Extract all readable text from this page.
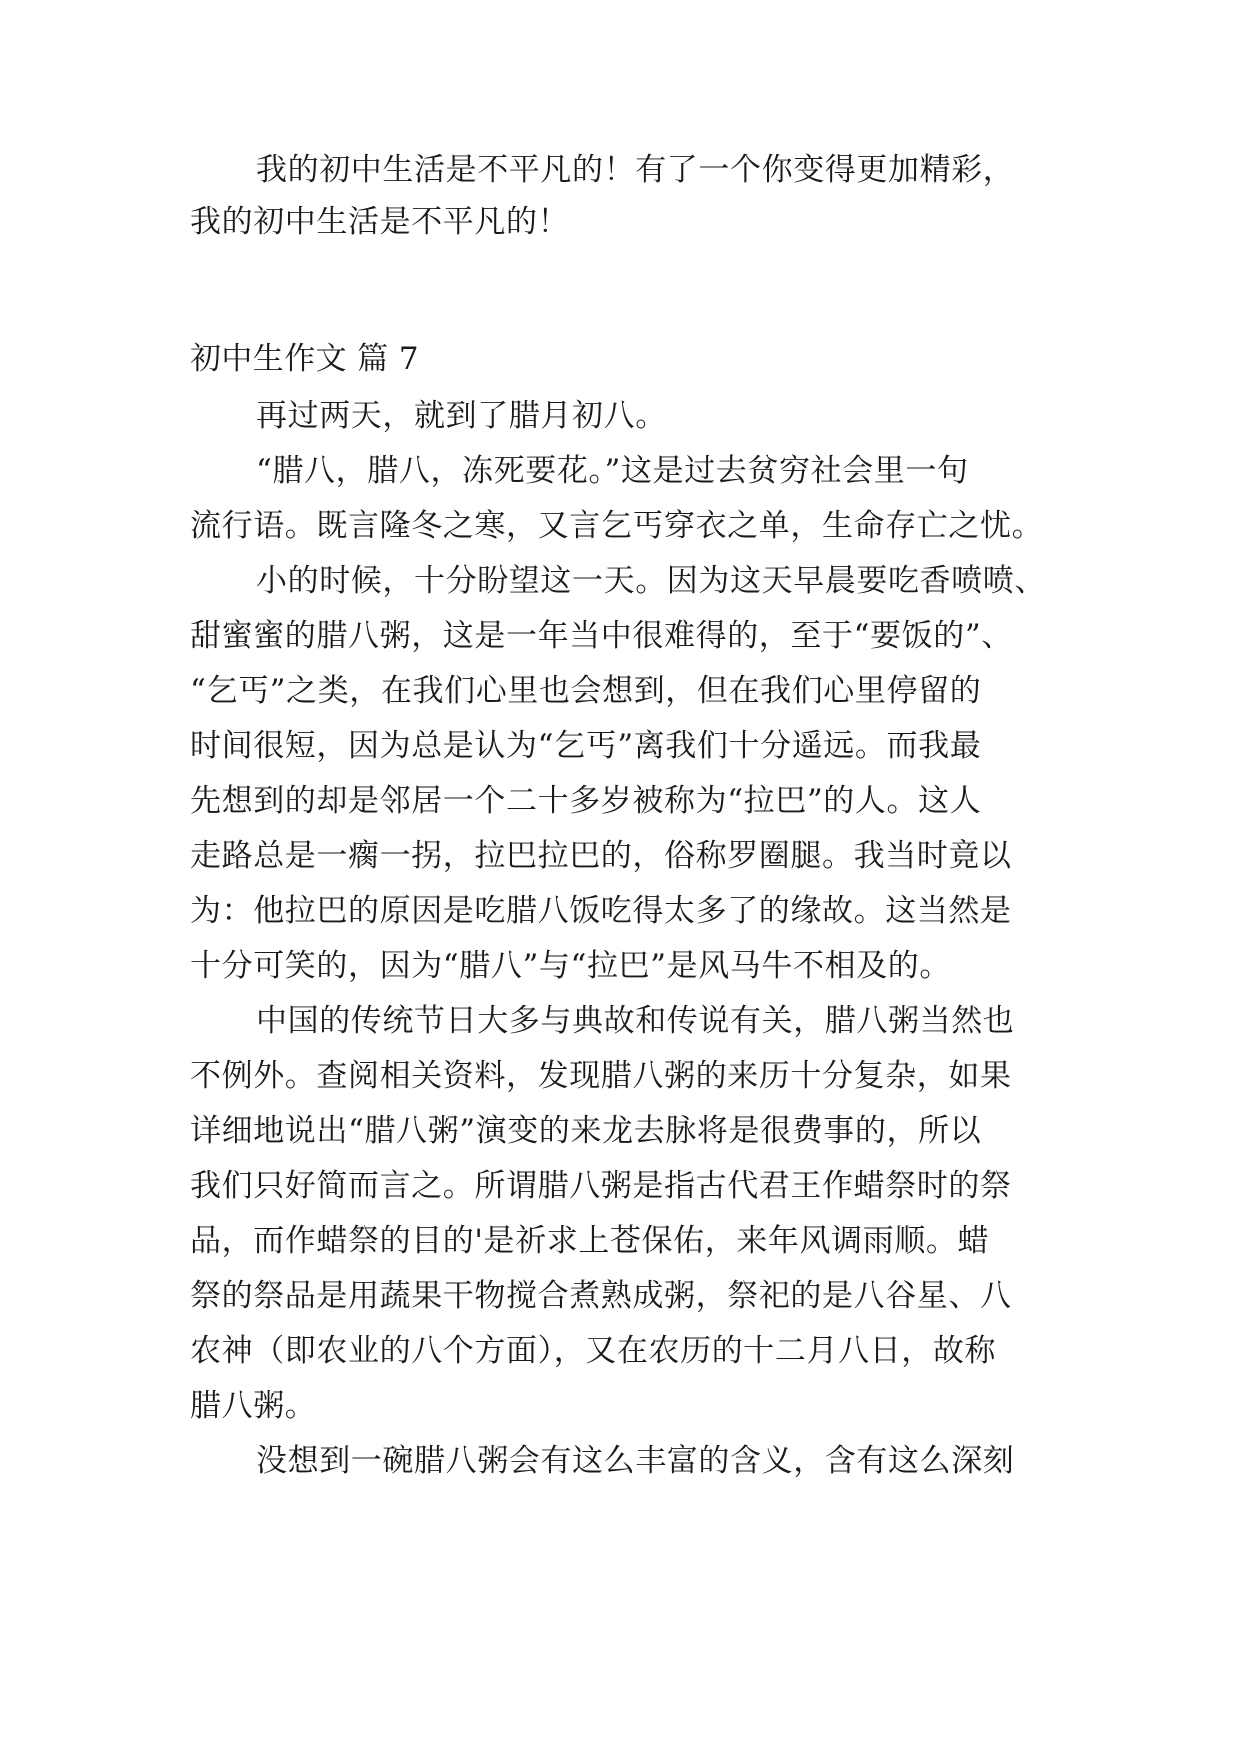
我的初中生活是不平凡的！有了一个你变得更加精彩，
我的初中生活是不平凡的！
初中生作文 篇 7
再过两天，就到了腊月初八。
“腊八，腊八，冻死要花。”这是过去贫穷社会里一句
流行语。既言隆冬之寒，又言乞丐穿衣之单，生命存亡之忧。
小的时候，十分盼望这一天。因为这天早晨要吃香喷喷、
甜蜜蜜的腊八粥，这是一年当中很难得的，至于“要饭的”、
“乞丐”之类，在我们心里也会想到，但在我们心里停留的
时间很短，因为总是认为“乞丐”离我们十分遥远。而我最
先想到的却是邻居一个二十多岁被称为“拉巴”的人。这人
走路总是一瘸一拐，拉巴拉巴的，俗称罗圈腿。我当时竟以
为：他拉巴的原因是吃腊八饭吃得太多了的缘故。这当然是
十分可笑的，因为“腊八”与“拉巴”是风马牛不相及的。
中国的传统节日大多与典故和传说有关，腊八粥当然也
不例外。查阅相关资料，发现腊八粥的来历十分复杂，如果
详细地说出“腊八粥”演变的来龙去脉将是很费事的，所以
我们只好简而言之。所谓腊八粥是指古代君王作蜡祭时的祭
品，而作蜡祭的目的'是祈求上苍保佑，来年风调雨顺。蜡
祭的祭品是用蔬果干物搅合煮熟成粥，祭祀的是八谷星、八
农神（即农业的八个方面），又在农历的十二月八日，故称
腊八粥。
没想到一碗腊八粥会有这么丰富的含义，含有这么深刻
